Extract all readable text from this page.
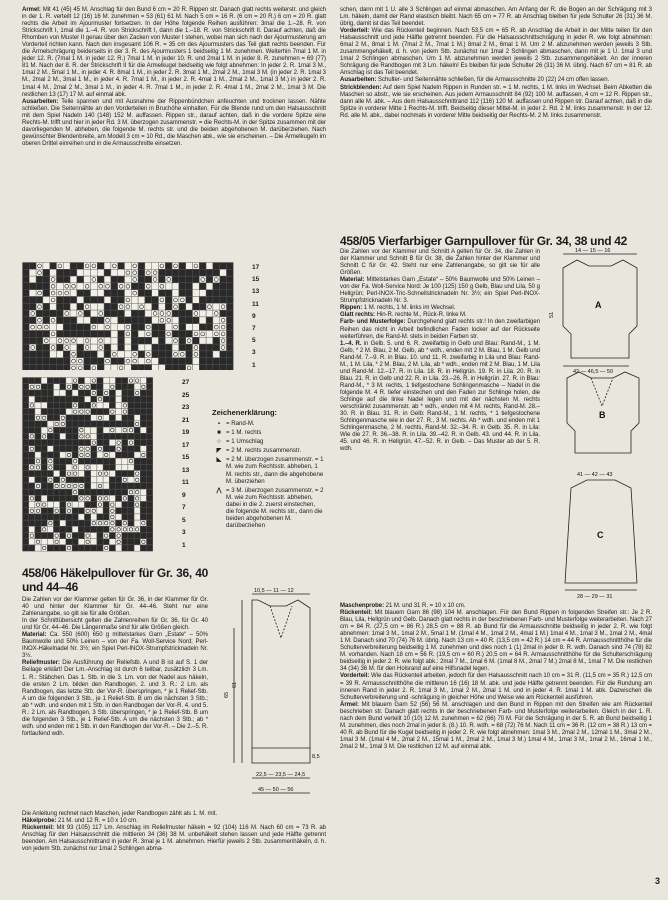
Armel: Mit 41 (45) 45 M. Anschlag für den Bund 6 cm = 20 R. Rippen str. Danach glatt rechts weiterstr. und gleich in der 1. R. verteilt 12 (16) 16 M. zunehmen = 53 (61) 61 M. Nach 5 cm = 16 R. (6 cm = 20 R.) 6 cm = 20 R. glatt rechts die Arbeit im Ajourmuster fortsetzen. In der Höhe folgende Reihen ausführen: 3mal die 1.–28. R. von Strickschrift I, 1mal die 1.–4. R. von Strickschrift I, dann die 1.–18. R. von Strickschrift II. Darauf achten, daß die Rhomben von Muster II genau über den Zacken von Muster I stehen, wobei man sich nach der Ajourmusterung am Vorderteil richten kann. Nach den insgesamt 106 R. = 35 cm des Ajourmusters das Teil glatt rechts beenden. Für die Ärmelschrägung beiderseits in der 3. R. des Ajourmusters 1 beidseitig 1 M. zunehmen. Weiterhin 7mal 1 M. in jeder 12. R. (7mal 1 M. in jeder 12. R.) 7mal 1 M. in jeder 10. R. und 2mal 1 M. in jeder 8. R. zunehmen = 69 (77) 81 M. Nach der 8. R. der Strickschrift II für die Armelkugel beidseitig wie folgt abnehmen: In jeder 2. R. 1mal 3 M., 1mal 2 M., 5mal 1 M., in jeder 4. R. 8mal 1 M., in jeder 2. R. 3mal 1 M., 2mal 2 M., 1mal 3 M. (in jeder 2. R. 1mal 3 M., 2mal 2 M., 3mal 1 M., in jeder 4. R. 7mal 1 M., in jeder 2. R. 4mal 1 M., 2mal 2 M., 1mal 3 M.) in jeder 2. R. 1mal 4 M., 2mal 2 M., 3mal 1 M., in jeder 4. R. 7mal 1 M., in jeder 2. R. 4mal 1 M., 2mal 2 M., 1mal 3 M. Die restlichen 13 (17) 17 M. auf einmal abk.

Ausarbeiten: Teile spannen und mit Ausnahme der Rippenbündchen anfeuchten und trocknen lassen. Nähte schließen. Die Seitennähte an den Vorderteilen in Bruchöhe einhalten. Für die Blende rund um den Halsausschnitt mit dem Spiel Nadeln 140 (148) 152 M. auffassen. Rippen str., darauf achten, daß in die vordere Spitze eine Rechts-M. trifft und hier in jeder Rd. 3 M. überzogen zusammenstr. = die Rechts-M. in der Spitze zusammen mit der davorliegenden M. abheben, die folgende M. rechts str. und die beiden abgehobenen M. darüberziehen. Nach gewünschter Blendenbreite, am Modell 3 cm = 10 Rd., die Maschen abk., wie sie erscheinen. – Die Ärmelkugeln im oberen Drittel einreihen und in die Armausschnitte einsetzen.

17
15
13
11
9
7
5
3
1
27
25
23
21
19
17
15
13
11
9
7
5
3
1
Zeichenerklärung:
▪ = Rand-M.
■ = 1 M. rechts
○ = 1 Umschlag
◤ = 2 M. rechts zusammenstr.
◣ = 2 M. überzogen zusammenstr. = 1 M. wie zum Rechtsstr. abheben, 1 M. rechts str., dann die abgehobene M. überziehen
⋀ = 3 M. überzogen zusammenstr. = 2 M. wie zum Rechtsstr. abheben, dabei in die 2. zuerst einstechen, die folgende M. rechts str., dann die beiden abgehobenen M. darüberziehen
458/06 Häkelpullover für Gr. 36, 40 und 44–46

Die Zahlen vor der Klammer gelten für Gr. 36, in der Klammer für Gr. 40 und hinter der Klammer für Gr. 44–46. Steht nur eine Zahlenangabe, so gilt sie für alle Größen.

In der Schnittübersicht gelten die Zahlenreihen für Gr. 36, für Gr. 40 und für Gr. 44–46. Die Längenmaße sind für alle Größen gleich.

Material: Ca. 550 (600) 650 g mittelstarkes Garn „Estate“ – 50% Baumwolle und 50% Leinen – von der Fa. Woll-Service Nord; Perl-INOX-Häkelnadel Nr. 3½; ein Spiel Perl-INOX-Strumpfstricknadeln Nr. 3½.

Reliefmuster: Die Ausführung der Reliefstb. A und B ist auf S. 1 der Beilage erklärt! Der Lm.-Anschlag ist durch 6 teilbar, zusätzlich 3 Lm. 1. R.: Stäbchen. Das 1. Stb. in die 3. Lm. von der Nadel aus häkeln, die ersten 2 Lm. bilden den Randbogen. 2. und 3. R.: 2 Lm. als Randbogen, das letzte Stb. der Vor-R. überspringen, * je 1 Relief-Stb. A um die folgenden 3 Stb., je 1 Relief-Stb. B um die nächsten 3 Stb.; ab * wdh. und enden mit 1 Stb. in den Randbogen der Vor-R. 4. und 5. R.: 2 Lm. als Randbogen, 3 Stb. überspringen, * je 1 Relief-Stb. B um die folgenden 3 Stb., je 1 Relief-Stb. A um die nächsten 3 Stb.; ab * wdh. und enden mit 1 Stb. in den Randbogen der Vor-R. – Die 2.–5. R. fortlaufend wdh.

Die Anleitung rechnet nach Maschen, jeder Randbogen zählt als 1. M. mit.

Häkelprobe: 21 M. und 12 R. = 10 x 10 cm.

Rückenteil: Mit 93 (105) 117 Lm. Anschlag im Reliefmuster häkeln = 92 (104) 116 M. Nach 60 cm = 73 R. ab Anschlag für den Halsausschnitt die mittleren 34 (36) 38 M. unbehäkelt stehen lassen und jede Hälfte getrennt beenden. Am Halsausschnittrand in jeder R. 3mal je 1 M. abnehmen. Hierfür jeweils 2 Stb. zusammenhäkeln, d. h. von jedem Stb. zunächst nur 1mal 2 Schlingen abma-

10,5 — 11 — 12
22,5 — 23,5 — 24,5
45 — 50 — 56
61
65
8,5

schen, dann mit 1 U. alle 3 Schlingen auf einmal abmaschen. Am Anfang der R. die Bogen an der Schrägung mit 3 Lm. häkeln, damit der Rand elastisch bleibt. Nach 65 cm = 77 R. ab Anschlag bleiben für jede Schulter 26 (31) 36 M. übrig, damit ist das Teil beendet.

Vorderteil: Wie das Rückenteil beginnen. Nach 53,5 cm = 65 R. ab Anschlag die Arbeit in der Mitte teilen für den Halsausschnitt und jede Hälfte getrennt beenden. Für die Halsausschnittschrägung in jeder R. wie folgt abnehmen: 6mal 2 M., 8mal 1 M. (7mal 2 M., 7mal 1 M.) 8mal 2 M., 6mal 1 M. Um 2 M. abzunehmen werden jeweils 3 Stb. zusammengehäkelt, d. h. von jedem Stb. zunächst nur 1mal 2 Schlingen abmaschen, dann mit je 1 U. 1mal 3 und 1mal 2 Schlingen abmaschen. Um 1 M. abzunehmen werden jeweils 2 Stb. zusammengehäkelt. An der inneren Schrägung die Randbogen mit 3 Lm. häkeln! Es bleiben für jede Schulter 26 (31) 36 M. übrig. Nach 67 cm = 81 R. ab Anschlag ist das Teil beendet.

Ausarbeiten: Schulter- und Seitennähte schließen, für die Armausschnitte 20 (22) 24 cm offen lassen.

Strickblenden: Auf dem Spiel Nadeln Rippen in Runden str. = 1 M. rechts, 1 M. links im Wechsel. Beim Abketten die Maschen so abstr., wie sie erscheinen. Aus jedem Armausschnitt 84 (92) 100 M. auffassen, 4 cm = 12 R. Rippen str., dann alle M. abk. – Aus dem Halsausschnittrand 112 (116) 120 M. auffassen und Rippen str. Darauf achten, daß in die Spitze in vorderer Mitte 1 Rechts-M. trifft. Beidseitig dieser Mittel-M. in jeder 2. Rd. 2 M. links zusammenstr. In der 12. Rd. alle M. abk., dabei nochmals in vorderer Mitte beidseitig der Rechts-M. 2 M. links zusammenstr.

458/05 Vierfarbiger Garnpullover für Gr. 34, 38 und 42

Die Zahlen vor der Klammer und Schnitt A gelten für Gr. 34, die Zahlen in der Klammer und Schnitt B für Gr. 38, die Zahlen hinter der Klammer und Schnitt C für Gr. 42. Steht nur eine Zahlenangabe, so gilt sie für alle Größen.

Material: Mittelstarkes Garn „Estate“ – 50% Baumwolle und 50% Leinen – von der Fa. Woll-Service Nord: Je 100 (125) 150 g Gelb, Blau und Lila, 50 g Hellgrün; Perl-INOX-Tric-Schnellstricknadeln Nr. 3½; ein Spiel Perl-INOX-Strumpfstricknadeln Nr. 3.

Rippen: 1 M. rechts, 1 M. links im Wechsel.

Glatt rechts: Hin-R. rechte M., Rück-R. linke M.

Farb- und Musterfolge: Durchgehend glatt rechts str.! In den zweifarbigen Reihen das nicht in Arbeit befindlichen Faden locker auf der Rückseite weiterführen, die Rand-M. stets in beiden Farben str.

1.–4. R. in Gelb. 5. und 6. R. zweifarbig in Gelb und Blau: Rand-M., 1 M. Gelb, * 2 M. Blau, 2 M. Gelb, ab * wdh., enden mit 2 M. Blau, 1 M. Gelb und Rand-M. 7.–9. R. in Blau. 10. und 11. R. zweifarbig in Lila und Blau: Rand-M., 1 M. Lila, * 2 M. Blau, 2 M. Lila, ab * wdh., enden mit 2 M. Blau, 1 M. Lila und Rand-M. 12.–17. R. in Lila. 18. R. in Hellgrün. 19. R. in Lila. 20. R. in Blau. 21. R. in Gelb und 22. R. in Lila. 23.–26. R. in Hellgrün. 27. R. in Blau: Rand-M., * 3 M. rechts, 1 tiefgestochene Schlingenmasche – Nadel in die folgende M. 4 R. tiefer einstechen und den Faden zur Schlinge holen, die Schlinge auf die linke Nadel legen und mit der nächsten M. rechts verschränkt zusammenstr. ab * wdh., enden mit 4 M. rechts, Rand-M. 28.–30. R. in Blau. 31. R. in Gelb: Rand-M., 1 M. rechts, * 1 tiefgestochene Schlingenmasche wie in der 27. R., 3 M. rechts. Ab * wdh. und enden mit 1 Schlingenmasche, 2 M. rechts, Rand-M. 32.–34. R. in Gelb. 35. R. in Lila: Wie die 27. R. 36.–38. R. in Lila. 39.–42. R. in Gelb. 43. und 44. R. in Lila. 45. und 46. R. in Hellgrün. 47.–52. R. in Gelb. – Das Muster ab der 5. R. wdh.

14 — 15 — 16
42 — 46,5 — 50
51
41 — 42 — 43
28 — 29 — 31
A
B
C

Maschenprobe: 21 M. und 31 R. = 10 x 10 cm.

Rückenteil: Mit blauem Garn 86 (98) 104 M. anschlagen. Für den Bund Rippen in folgenden Streifen str.: Je 2 R. Blau, Lila, Hellgrün und Gelb. Danach glatt rechts in der beschriebenen Farb- und Musterfolge weiterarbeiten. Nach 27 cm = 84 R. (27,5 cm = 86 R.) 28,5 cm = 88 R. ab Bund für die Armausschnitte beidseitig in jeder 2. R. wie folgt abnehmen: 1mal 3 M., 1mal 2 M., 5mal 1 M. (1mal 4 M., 1mal 2 M., 4mal 1 M.) 1mal 4 M., 1mal 3 M., 1mal 2 M., 4mal 1 M. Danach sind 70 (74) 76 M. übrig. Nach 13 cm = 40 R. (13,5 cm = 42 R.) 14 cm = 44 R. Armausschnitthöhe für die Schulterverbreiterung beidseitig 1 M. zunehmen und dies noch 1 (1) 2mal in jeder 8. R. wdh. Danach sind 74 (78) 82 M. vorhanden. Nach 18 cm = 56 R. (19,5 cm = 60 R.) 20,5 cm = 64 R. Armausschnitthöhe für die Schulterschrägung beidseitig in jeder 2. R. wie folgt abk.: 2mal 7 M., 1mal 6 M. (1mal 8 M., 2mal 7 M.) 2mal 8 M., 1mal 7 M. Die restlichen 34 (34) 36 M. für den Holsrand auf eine Hilfsnadel legen.

Vorderteil: Wie das Rückenteil arbeiten, jedoch für den Halsausschnitt nach 10 cm = 31 R. (11,5 cm = 35 R.) 12,5 cm = 39 R. Armausschnitthöhe die mittleren 16 (16) 18 M. abk. und jede Hälfte getrennt beenden. Für die Rundung am inneren Rand in jeder 2. R. 1mal 3 M., 1mal 2 M., 2mal 1 M. und in jeder 4. R. 1mal 1 M. abk. Dazwischen die Schulterverbreiterung und -schrägung in gleicher Höhe und Weise wie am Rückenteil ausführen.

Ärmel: Mit blauem Garn 52 (56) 56 M. anschlagen und den Bund in Rippen mit den Streifen wie am Rückenteil beschrieben str. Danach glatt rechts in der beschriebenen Farb- und Musterfolge weiterarbeiten. Gleich in der 1. R. nach dem Bund verteilt 10 (10) 12 M. zunehmen = 62 (66) 70 M. Für die Schrägung in der 5. R. ab Bund beidseitig 1 M. zunehmen, dies noch 2mal in jeder 8. (8.) 10. R. wdh. = 68 (72) 76 M. Nach 11 cm = 36 R. (12 cm = 38 R.) 13 cm = 40 R. ab Bund für die Kugel beidseitig in jeder 2. R. wie folgt abnehmen: 1mal 3 M., 2mal 2 M., 12mal 1 M., 3mal 2 M., 1mal 3 M. (1mal 4 M., 2mal 2 M., 15mal 1 M., 2mal 2 M., 1mal 3 M.) 1mal 4 M., 1mal 3 M., 1mal 2 M., 16mal 1 M., 2mal 2 M., 1mal 3 M. Die restlichen 12 M. auf einmal abk.

3
